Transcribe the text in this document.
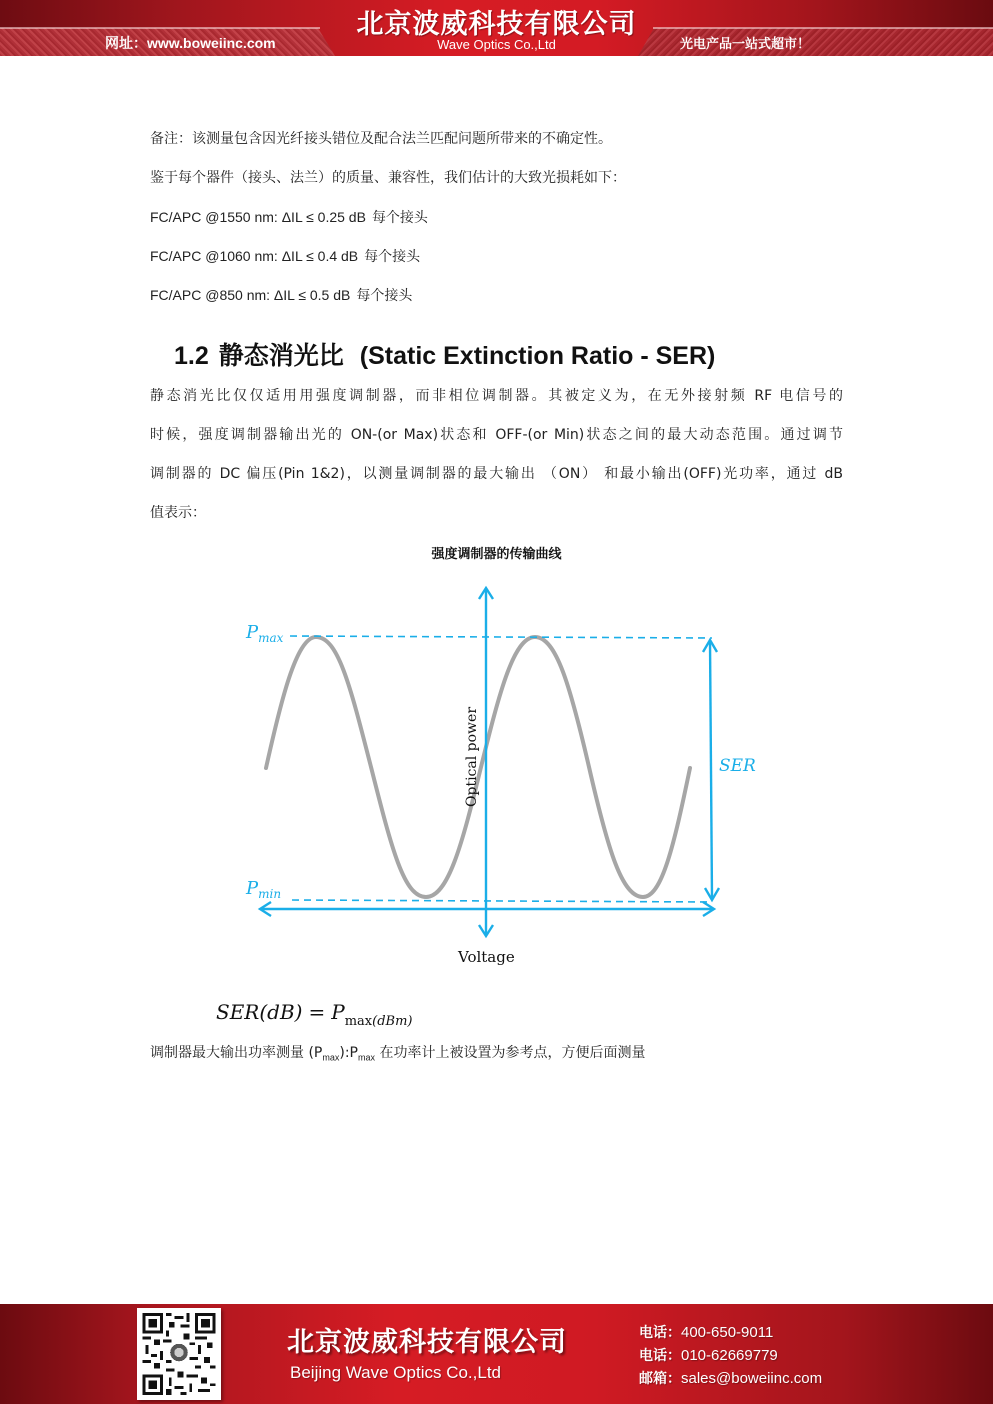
北京波威科技有限公司
Wave Optics Co.,Ltd
网址：www.boweiinc.com	光电产品一站式超市！
备注：该测量包含因光纤接头错位及配合法兰匹配问题所带来的不确定性。
鉴于每个器件（接头、法兰）的质量、兼容性，我们估计的大致光损耗如下：
FC/APC @1550 nm: ΔIL ≤ 0.25 dB 每个接头
FC/APC @1060 nm: ΔIL ≤ 0.4 dB 每个接头
FC/APC @850 nm: ΔIL ≤ 0.5 dB 每个接头
1.2 静态消光比 (Static Extinction Ratio - SER)
静态消光比仅仅适用用强度调制器，而非相位调制器。其被定义为，在无外接射频 RF 电信号的
时候，强度调制器输出光的 ON-(or Max)状态和 OFF-(or Min)状态之间的最大动态范围。通过调节
调制器的 DC 偏压(Pin 1&2)，以测量调制器的最大输出 （ON） 和最小输出(OFF)光功率，通过 dB
值表示：
强度调制器的传输曲线
$P_{max}$
$P_{min}$
SER
Optical power
Voltage
$SER(dB) = P_{max(dBm)}$
调制器最大输出功率测量 $(P_{max}):P_{max}$ 在功率计上被设置为参考点，方便后面测量
北京波威科技有限公司
Beijing Wave Optics Co.,Ltd
电话：400-650-9011
电话：010-62669779
邮箱：sales@boweiinc.com
